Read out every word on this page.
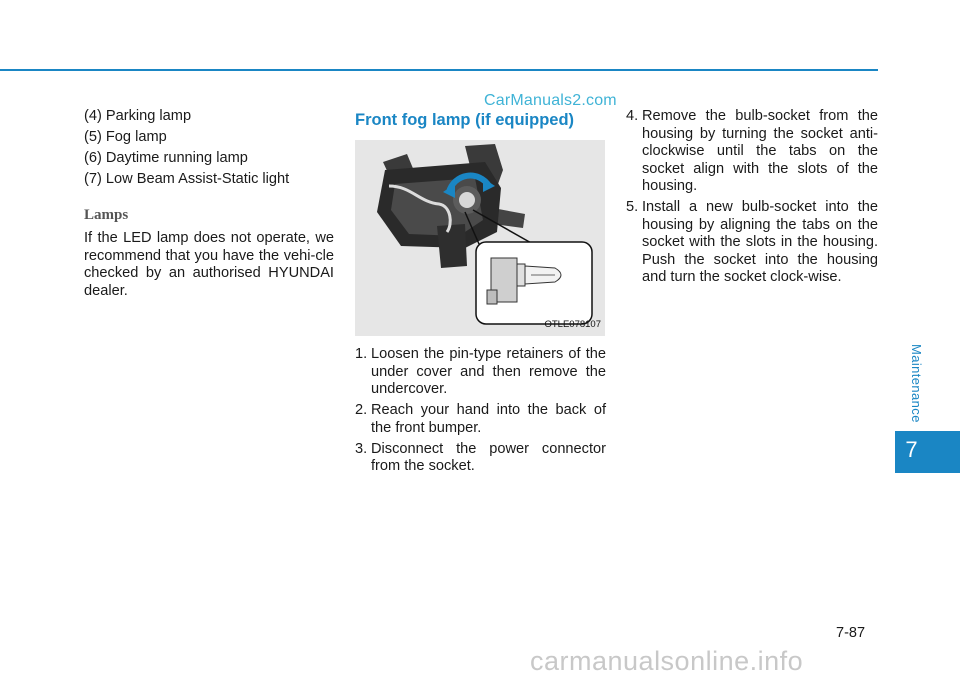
CarManuals2.com
(4) Parking lamp
(5) Fog lamp
(6) Daytime running lamp
(7) Low Beam Assist-Static light
Lamps
If the LED lamp does not operate, we recommend that you have the vehi-cle checked by an authorised HYUNDAI dealer.
Front fog lamp (if equipped)
OTLE078107
1. Loosen the pin-type retainers of the under cover and then remove the undercover.
2. Reach your hand into the back of the front bumper.
3. Disconnect the power connector from the socket.
4. Remove the bulb-socket from the housing by turning the socket anti-clockwise until the tabs on the socket align with the slots of the housing.
5. Install a new bulb-socket into the housing by aligning the tabs on the socket with the slots in the housing. Push the socket into the housing and turn the socket clock-wise.
Maintenance
7
7-87
carmanualsonline.info
